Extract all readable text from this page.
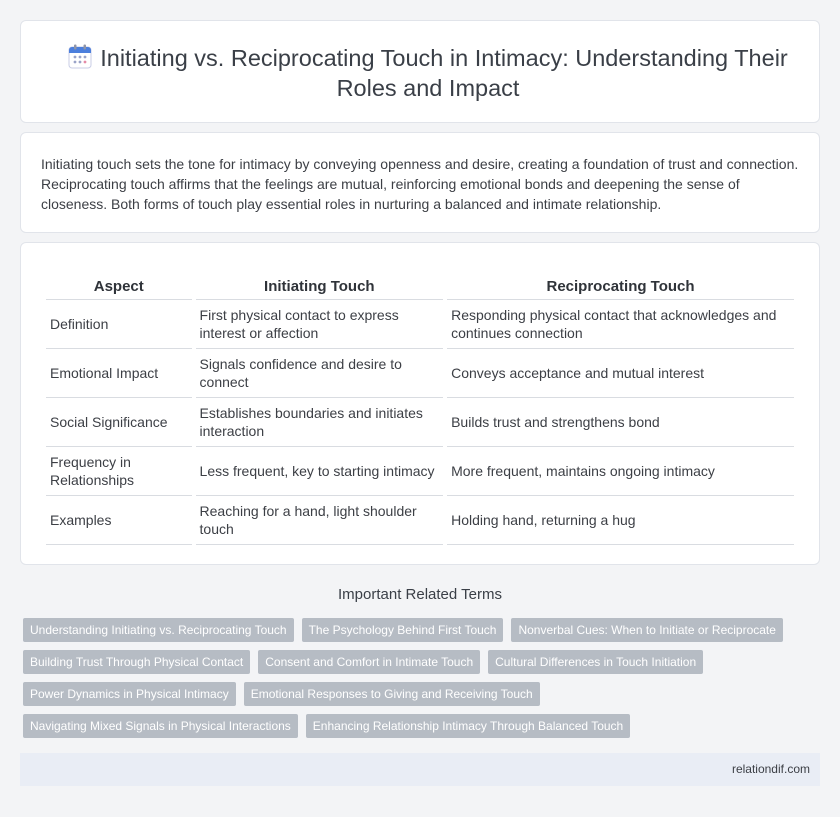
Initiating vs. Reciprocating Touch in Intimacy: Understanding Their Roles and Impact

Initiating touch sets the tone for intimacy by conveying openness and desire, creating a foundation of trust and connection. Reciprocating touch affirms that the feelings are mutual, reinforcing emotional bonds and deepening the sense of closeness. Both forms of touch play essential roles in nurturing a balanced and intimate relationship.

Aspect	Initiating Touch	Reciprocating Touch
Definition	First physical contact to express interest or affection	Responding physical contact that acknowledges and continues connection
Emotional Impact	Signals confidence and desire to connect	Conveys acceptance and mutual interest
Social Significance	Establishes boundaries and initiates interaction	Builds trust and strengthens bond
Frequency in Relationships	Less frequent, key to starting intimacy	More frequent, maintains ongoing intimacy
Examples	Reaching for a hand, light shoulder touch	Holding hand, returning a hug
Important Related Terms
Understanding Initiating vs. Reciprocating Touch	The Psychology Behind First Touch	Nonverbal Cues: When to Initiate or Reciprocate
Building Trust Through Physical Contact	Consent and Comfort in Intimate Touch	Cultural Differences in Touch Initiation
Power Dynamics in Physical Intimacy	Emotional Responses to Giving and Receiving Touch
Navigating Mixed Signals in Physical Interactions	Enhancing Relationship Intimacy Through Balanced Touch
relationdif.com
